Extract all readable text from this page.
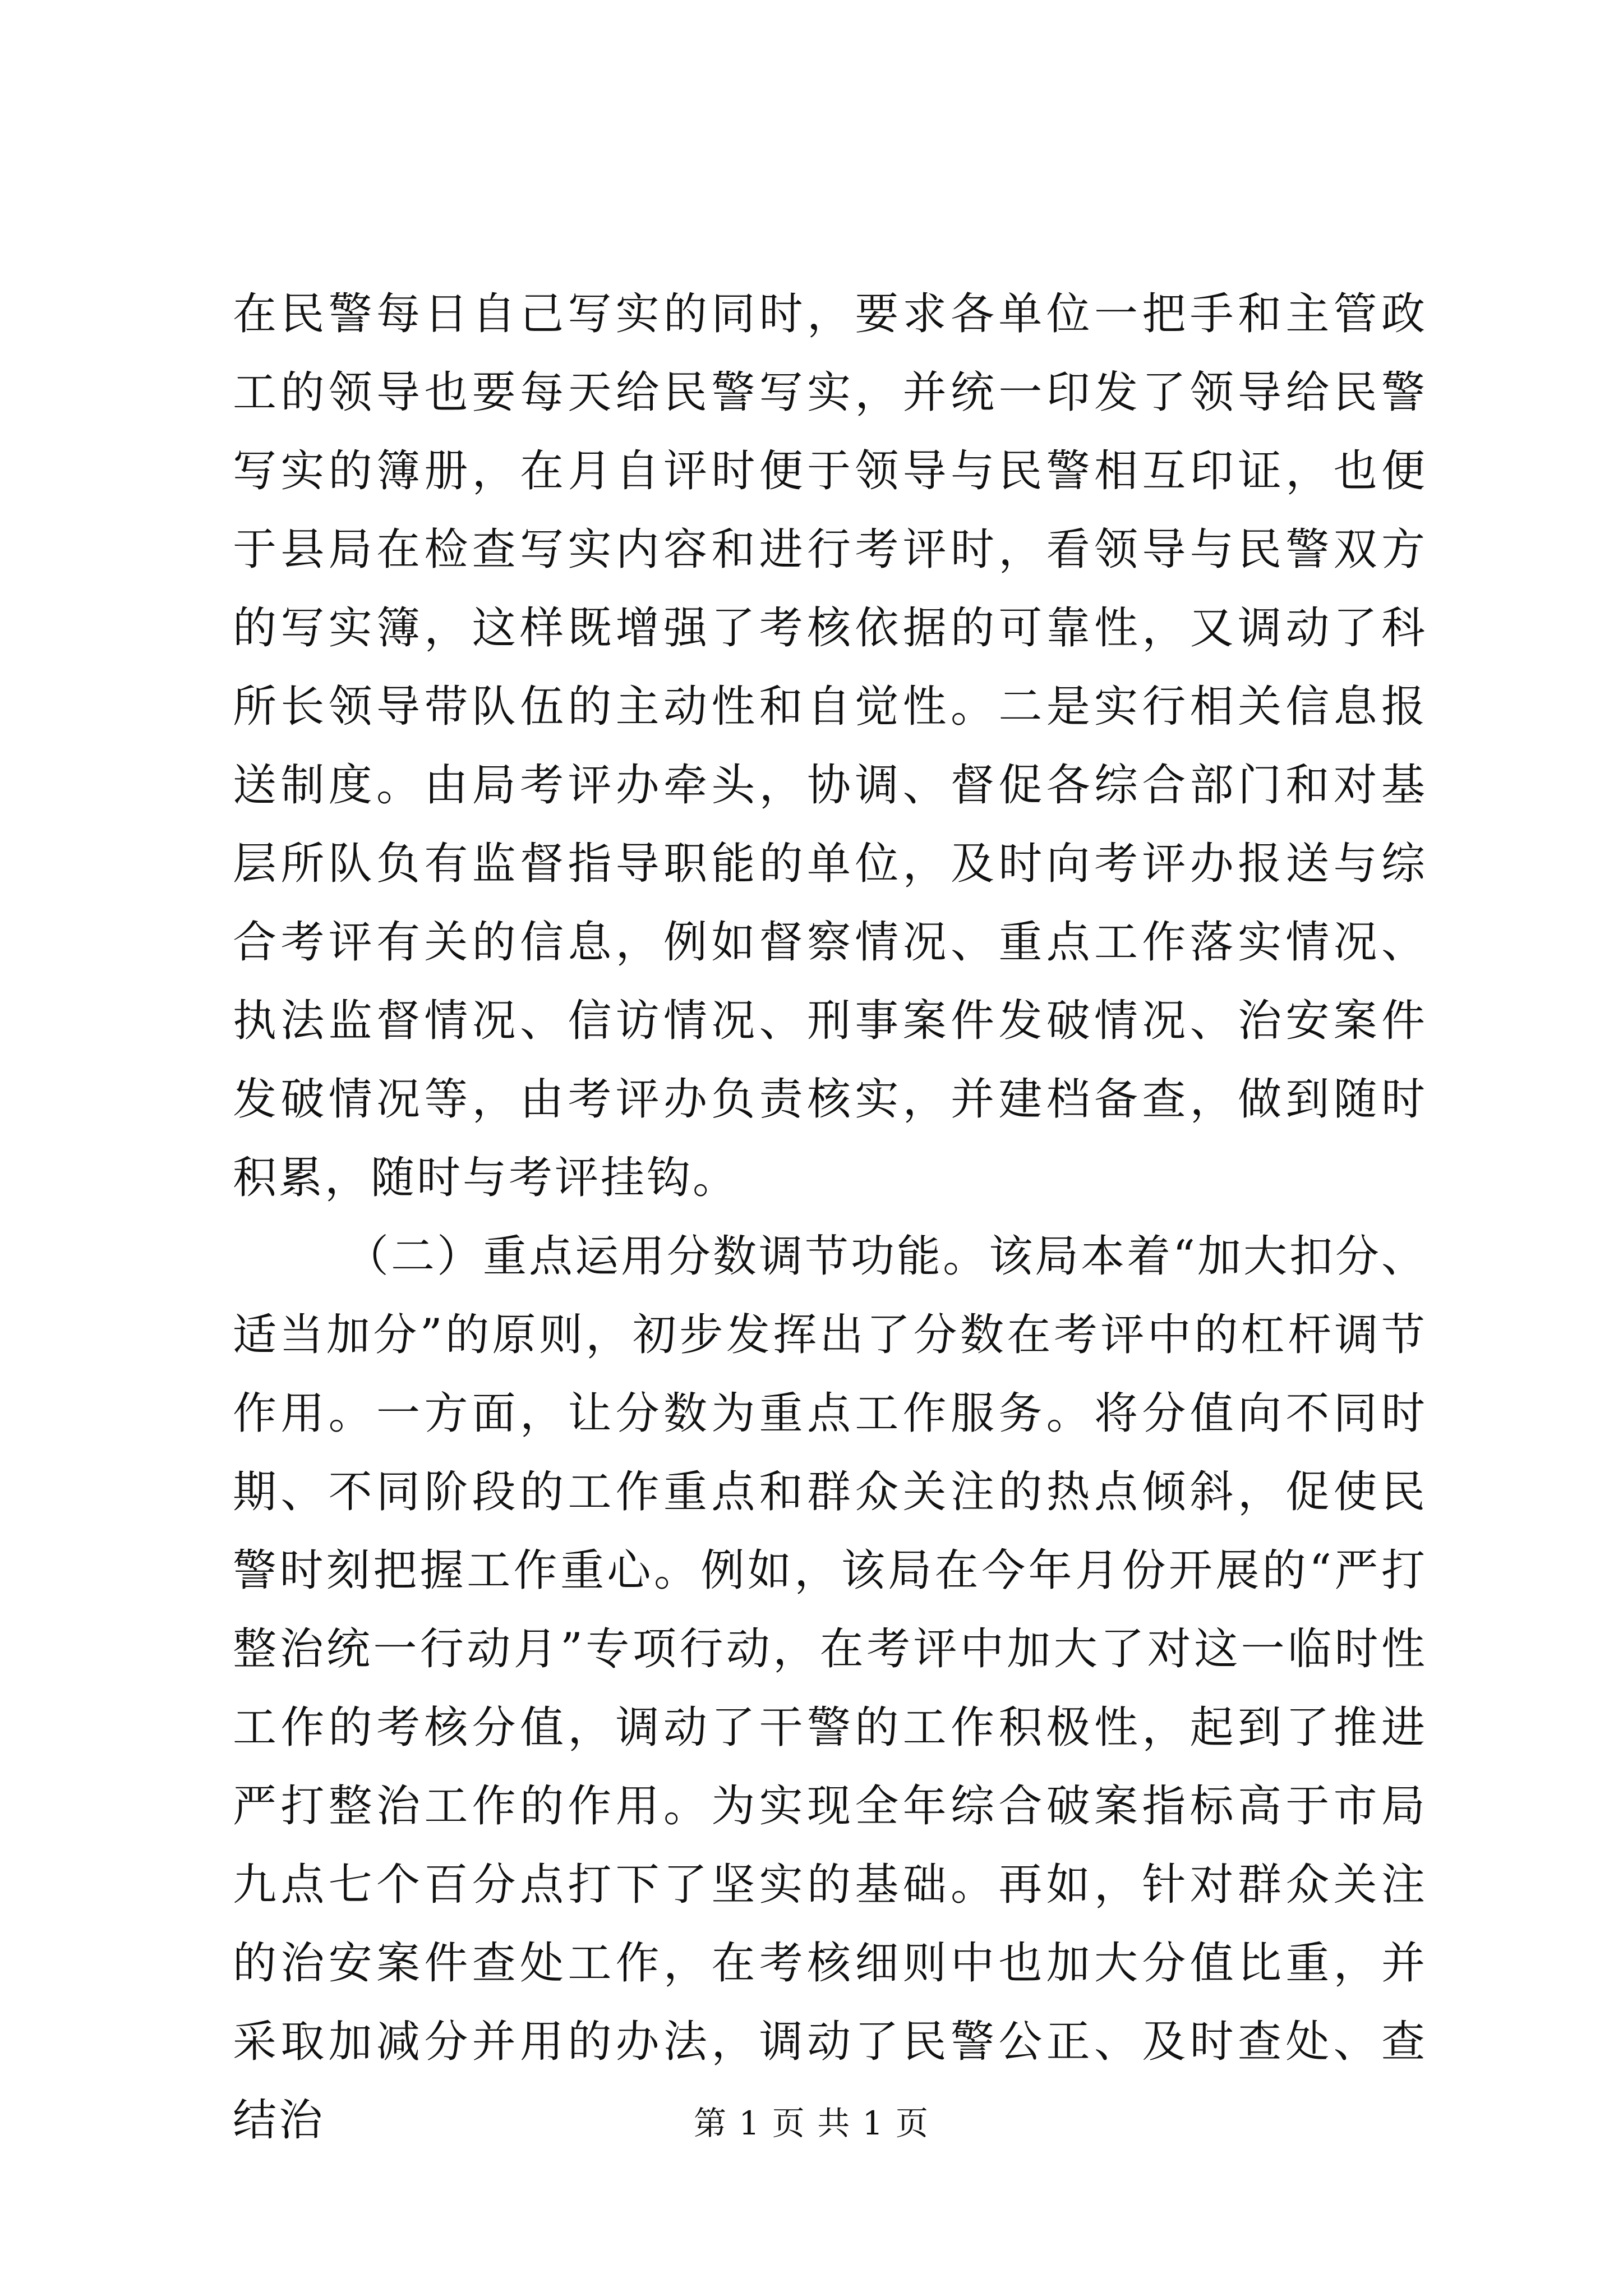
在民警每日自己写实的同时，要求各单位一把手和主管政工的领导也要每天给民警写实，并统一印发了领导给民警写实的簿册，在月自评时便于领导与民警相互印证，也便于县局在检查写实内容和进行考评时，看领导与民警双方的写实簿，这样既增强了考核依据的可靠性，又调动了科所长领导带队伍的主动性和自觉性。二是实行相关信息报送制度。由局考评办牵头，协调、督促各综合部门和对基层所队负有监督指导职能的单位，及时向考评办报送与综合考评有关的信息，例如督察情况、重点工作落实情况、执法监督情况、信访情况、刑事案件发破情况、治安案件发破情况等，由考评办负责核实，并建档备查，做到随时积累，随时与考评挂钩。

（二）重点运用分数调节功能。该局本着“加大扣分、适当加分”的原则，初步发挥出了分数在考评中的杠杆调节作用。一方面，让分数为重点工作服务。将分值向不同时期、不同阶段的工作重点和群众关注的热点倾斜，促使民警时刻把握工作重心。例如，该局在今年月份开展的“严打整治统一行动月”专项行动，在考评中加大了对这一临时性工作的考核分值，调动了干警的工作积极性，起到了推进严打整治工作的作用。为实现全年综合破案指标高于市局九点七个百分点打下了坚实的基础。再如，针对群众关注的治安案件查处工作，在考核细则中也加大分值比重，并采取加减分并用的办法，调动了民警公正、及时查处、查结治	第 1 页 共 1 页
